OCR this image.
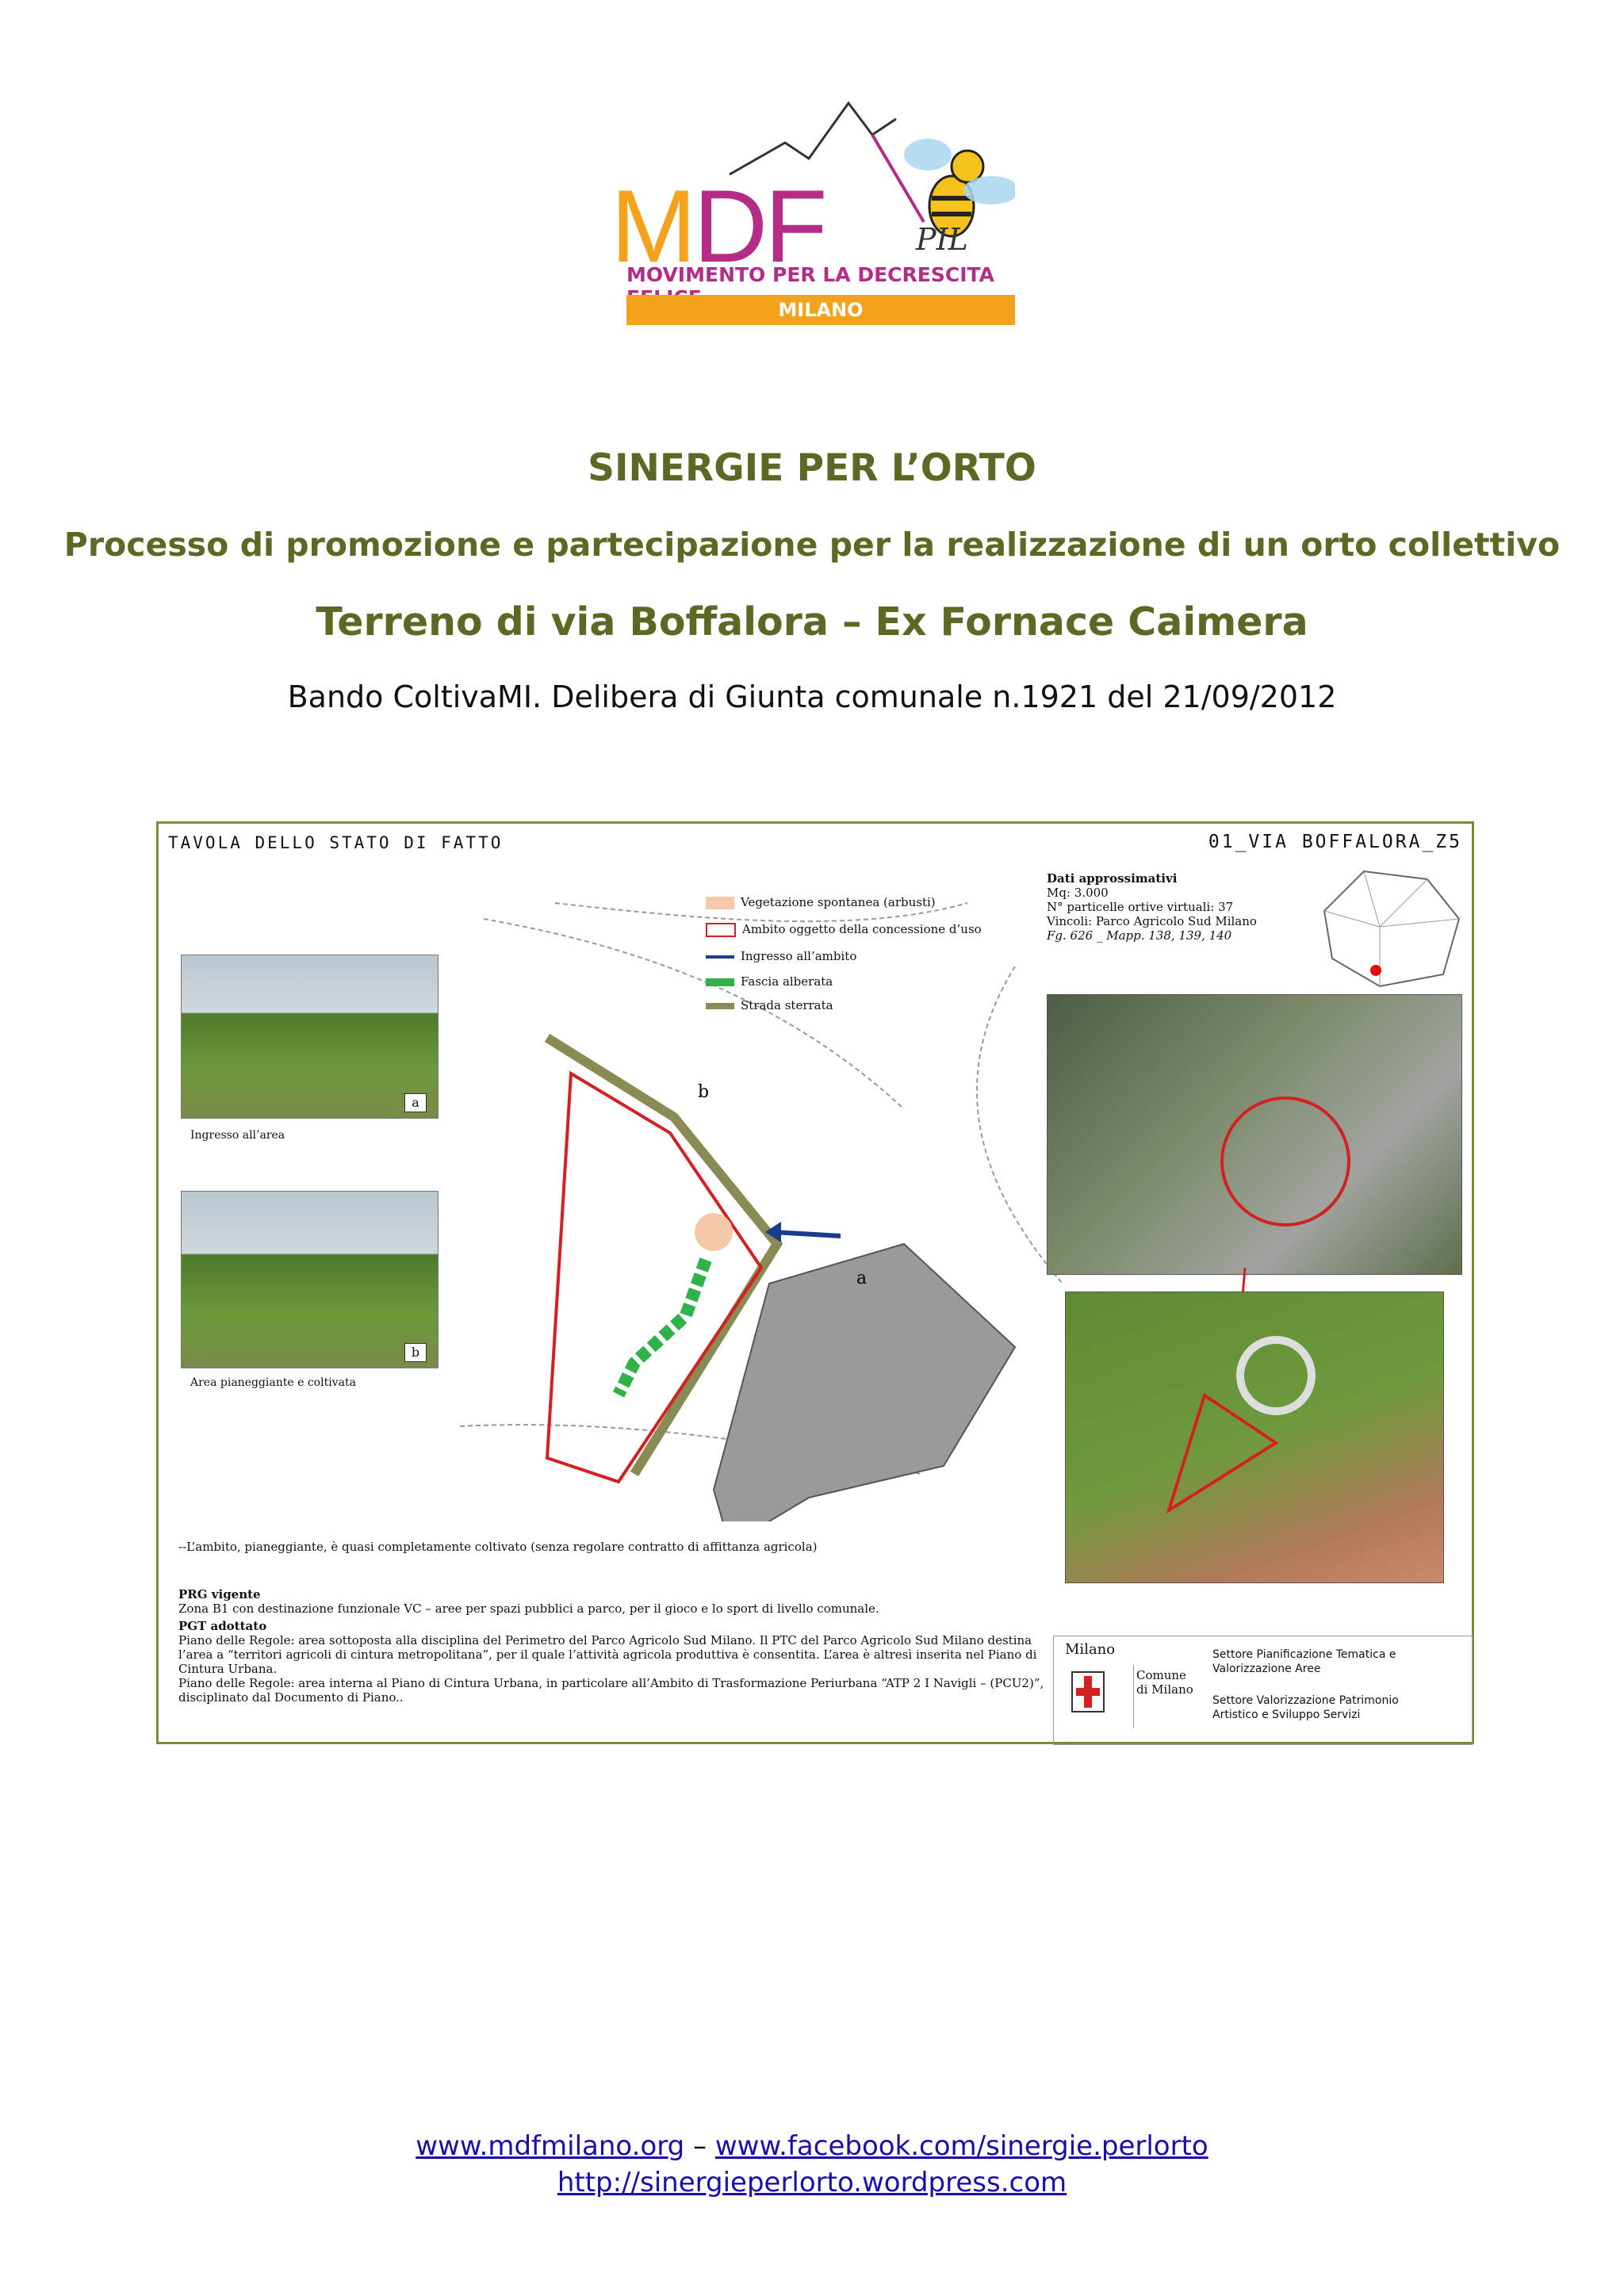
MDF	PIL
MOVIMENTO PER LA DECRESCITA
MILANO
SINERGIE PER L’ORTO
Processo di promozione e partecipazione per la realizzazione di un orto collettivo
Terreno di via Boffalora – Ex Fornace Caimera
Bando ColtivaMI. Delibera di Giunta comunale n.1921 del 21/09/2012
TAVOLA DELLO STATO DI FATTO	01_VIA BOFFALORA_Z5
a
Ingresso all’area
b
Area pianeggiante e coltivata
b
a
Vegetazione spontanea (arbusti)
Ambito oggetto della concessione d’uso
Ingresso all’ambito
Fascia alberata
Strada sterrata
Dati approssimativi
Mq: 3.000
N° particelle ortive virtuali: 37
Vincoli: Parco Agricolo Sud Milano
Fg. 626 _ Mapp. 138, 139, 140
--L’ambito, pianeggiante, è quasi completamente coltivato (senza regolare contratto di affittanza agricola)
PRG vigente
Zona B1 con destinazione funzionale VC – aree per spazi pubblici a parco, per il gioco e lo sport di livello comunale.
PGT adottato
Piano delle Regole: area sottoposta alla disciplina del Perimetro del Parco Agricolo Sud Milano. Il PTC del Parco Agricolo Sud Milano destina l’area a “territori agricoli di cintura metropolitana”, per il quale l’attività agricola produttiva è consentita. L’area è altresì inserita nel Piano di Cintura Urbana.
Piano delle Regole: area interna al Piano di Cintura Urbana, in particolare all’Ambito di Trasformazione Periurbana “ATP 2 I Navigli – (PCU2)”, disciplinato dal Documento di Piano..
Milano
Comune
di Milano
Settore Pianificazione Tematica e
Valorizzazione Aree
Settore Valorizzazione Patrimonio
Artistico e Sviluppo Servizi
www.mdfmilano.org – www.facebook.com/sinergie.perlorto
http://sinergieperlorto.wordpress.com
